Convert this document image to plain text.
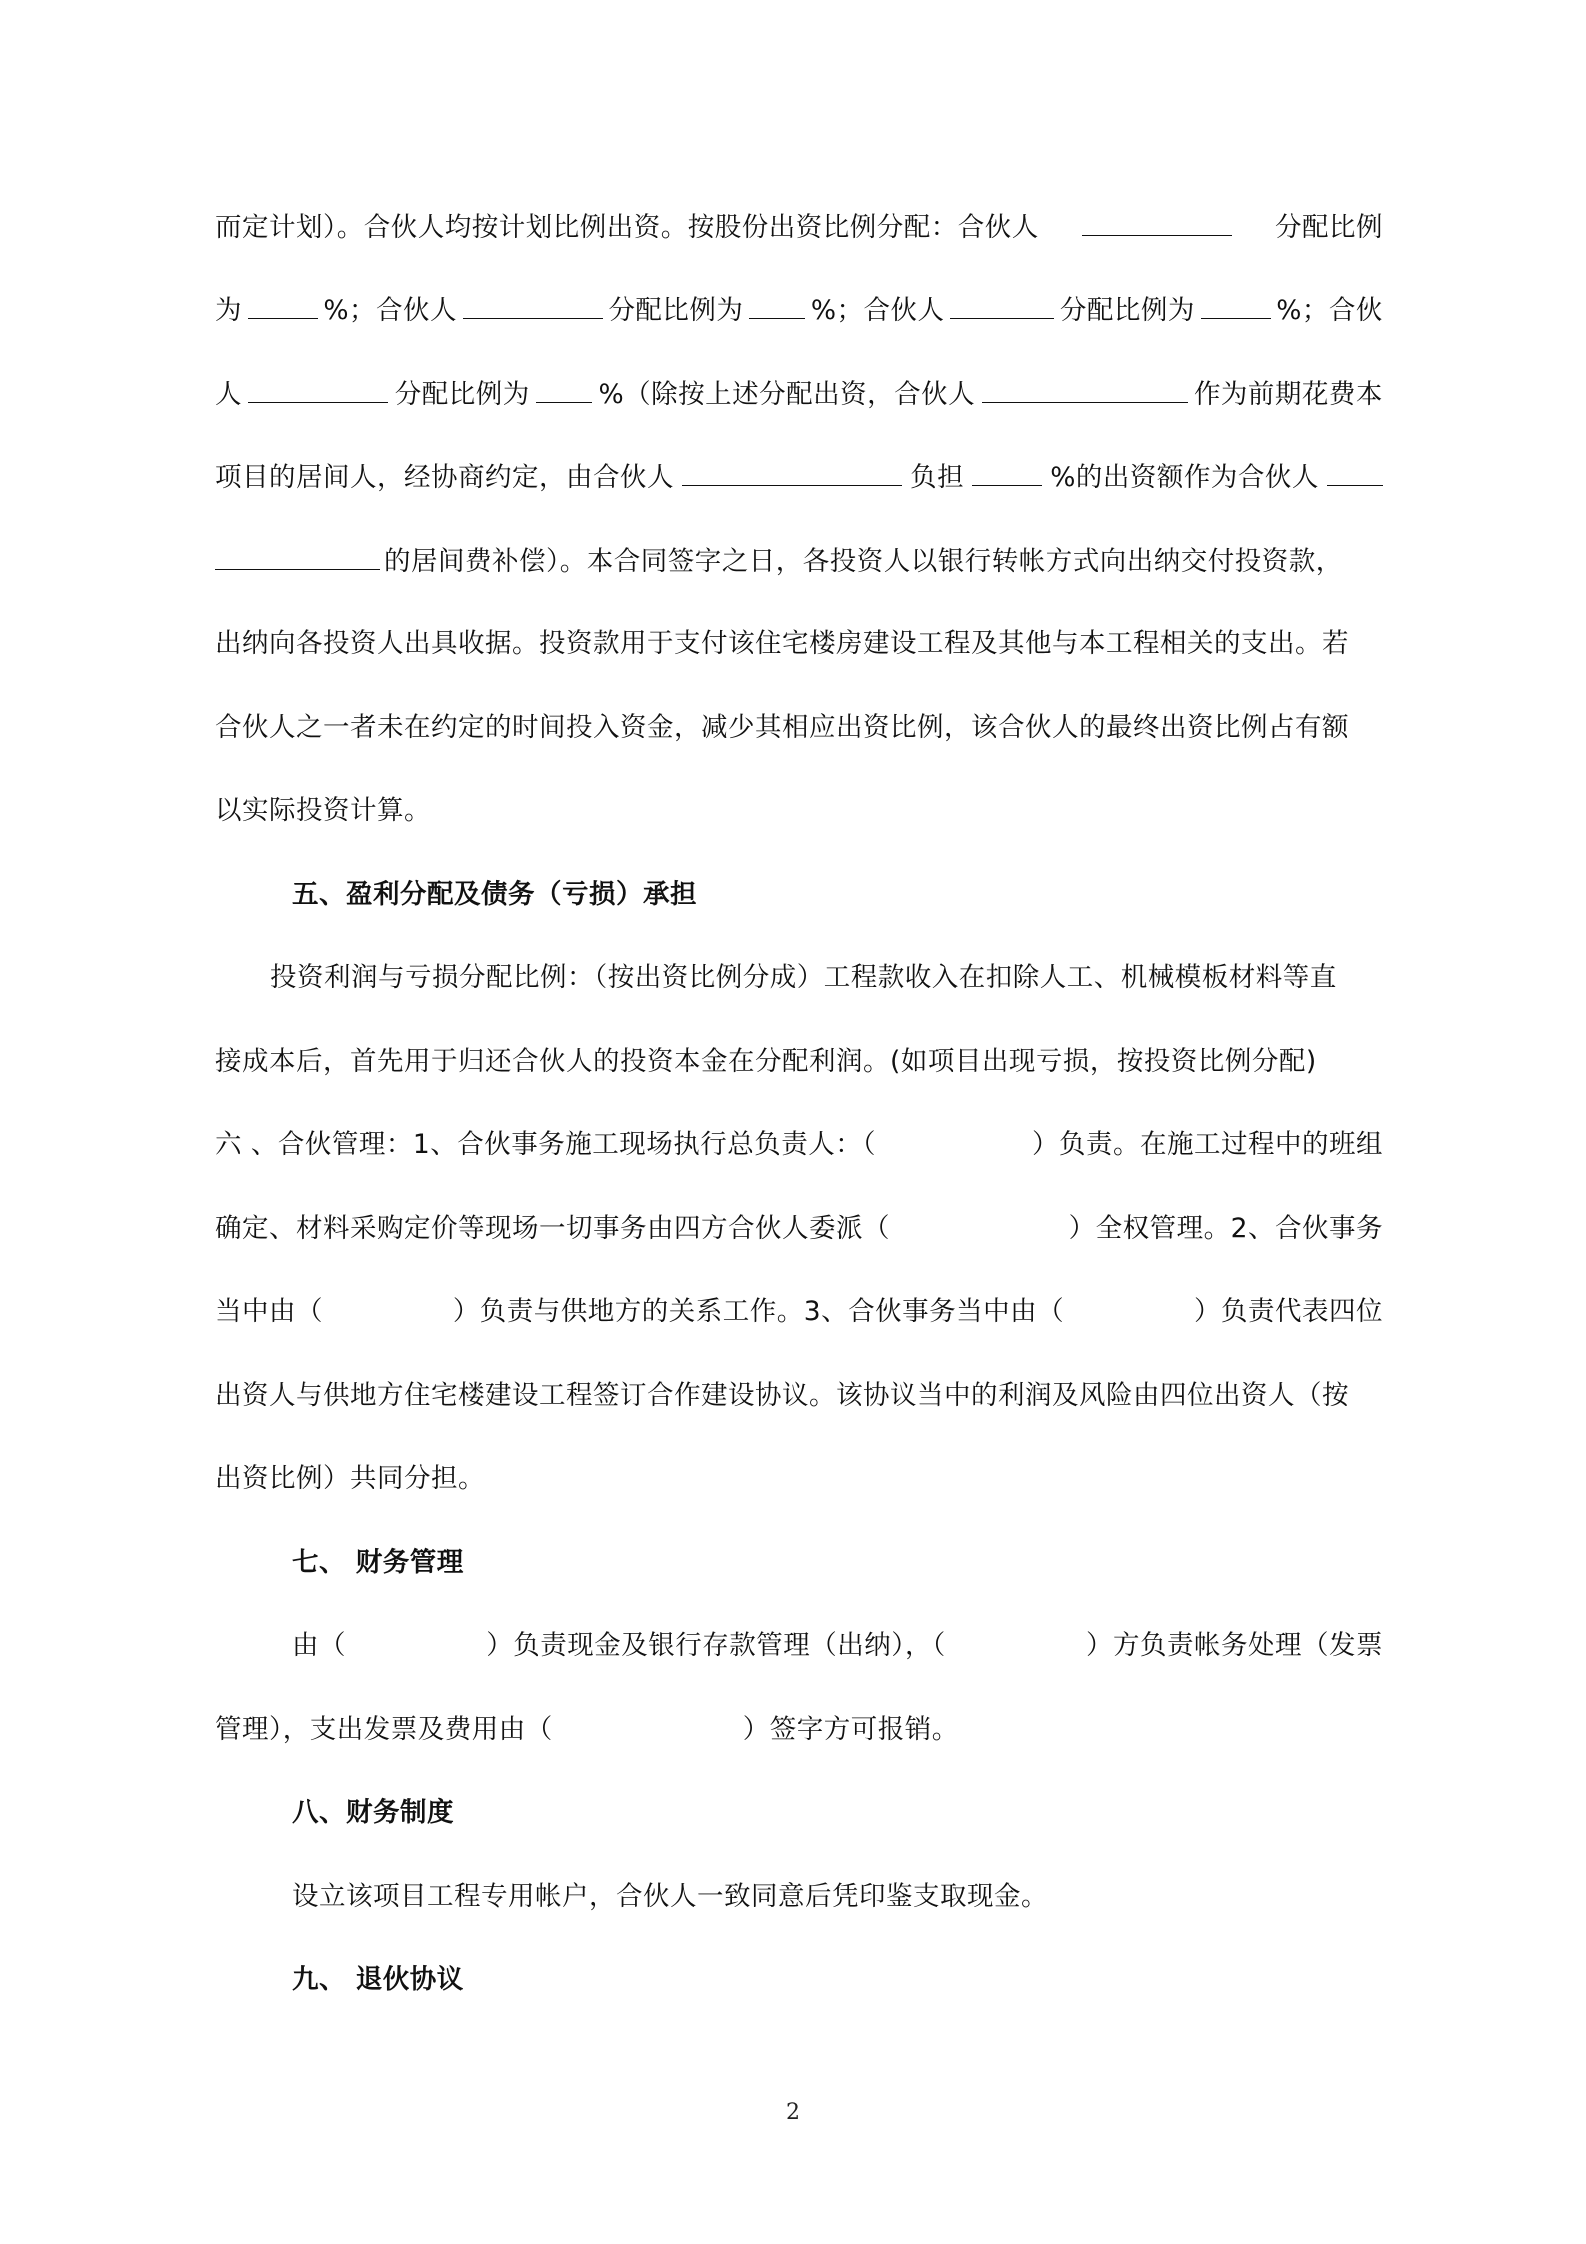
而定计划）。合伙人均按计划比例出资。按股份出资比例分配：合伙人	分配比例
为	%；合伙人	分配比例为	%；合伙人	分配比例为	%；合伙
人	分配比例为	%（除按上述分配出资，合伙人	作为前期花费本
项目的居间人，经协商约定，由合伙人	负担	%的出资额作为合伙人
的居间费补偿）。本合同签字之日，各投资人以银行转帐方式向出纳交付投资款，
出纳向各投资人出具收据。投资款用于支付该住宅楼房建设工程及其他与本工程相关的支出。若
合伙人之一者未在约定的时间投入资金，减少其相应出资比例，该合伙人的最终出资比例占有额
以实际投资计算。
五、盈利分配及债务（亏损）承担
投资利润与亏损分配比例：（按出资比例分成）工程款收入在扣除人工、机械模板材料等直
接成本后，首先用于归还合伙人的投资本金在分配利润。(如项目出现亏损，按投资比例分配)
六 、合伙管理：1、合伙事务施工现场执行总负责人：（	）负责。在施工过程中的班组
确定、材料采购定价等现场一切事务由四方合伙人委派（	）全权管理。2、合伙事务
当中由（	）负责与供地方的关系工作。3、合伙事务当中由（	）负责代表四位
出资人与供地方住宅楼建设工程签订合作建设协议。该协议当中的利润及风险由四位出资人（按
出资比例）共同分担。
七、 财务管理
由（	）负责现金及银行存款管理（出纳），（	）方负责帐务处理（发票
管理），支出发票及费用由（	）签字方可报销。
八、财务制度
设立该项目工程专用帐户，合伙人一致同意后凭印鉴支取现金。
九、 退伙协议
2
